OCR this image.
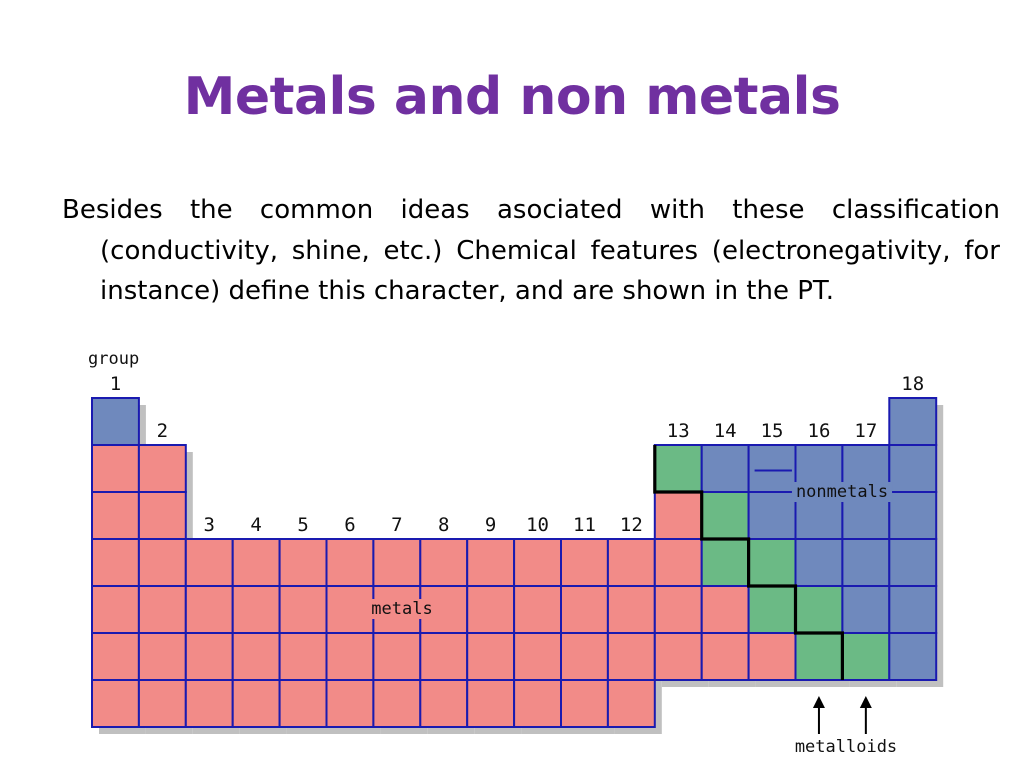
Metals and non metals

Besides the common ideas asociated with these classification (conductivity, shine, etc.) Chemical features (electronegativity, for instance) define this character, and are shown in the PT.

1
2
3 4 5 6 7 8 9 10 11 12
13 14 15 16 17
18
group
metals
nonmetals
metalloids
